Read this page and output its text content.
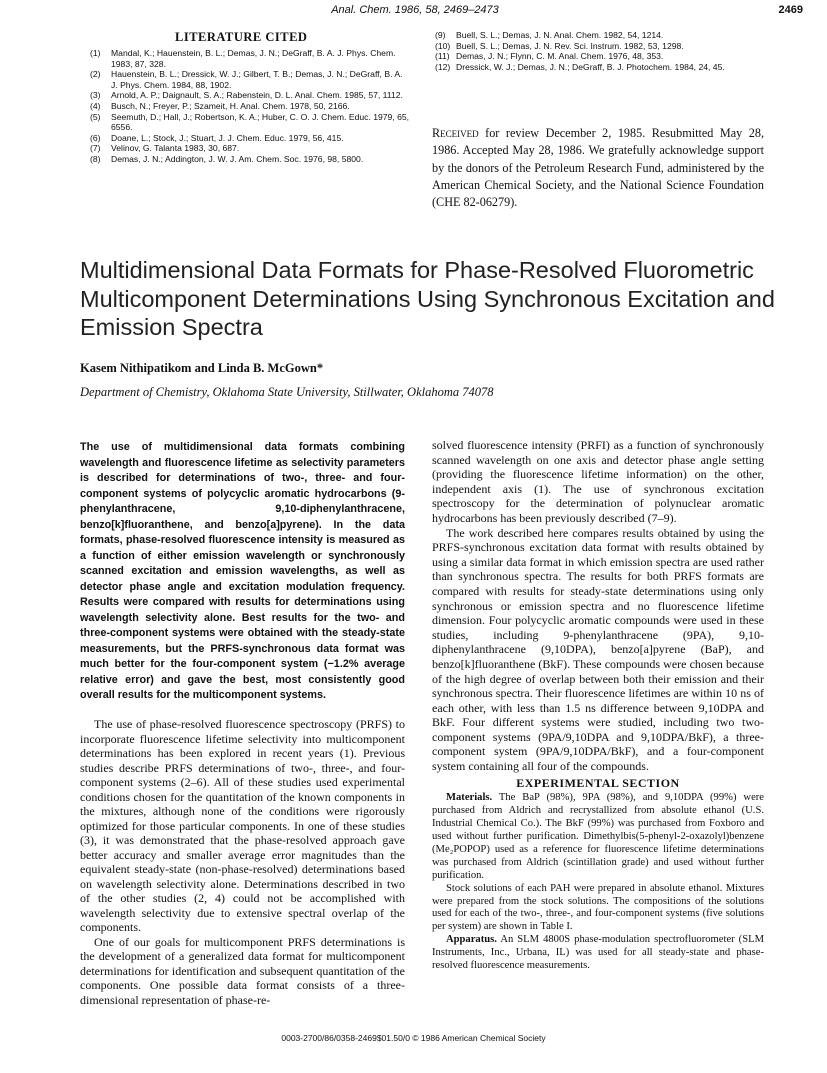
Anal. Chem. 1986, 58, 2469–2473	2469
LITERATURE CITED
(1)	Mandal, K.; Hauenstein, B. L.; Demas, J. N.; DeGraff, B. A. J. Phys. Chem. 1983, 87, 328.
(2)	Hauenstein, B. L.; Dressick, W. J.; Gilbert, T. B.; Demas, J. N.; DeGraff, B. A. J. Phys. Chem. 1984, 88, 1902.
(3)	Arnold, A. P.; Daignault, S. A.; Rabenstein, D. L. Anal. Chem. 1985, 57, 1112.
(4)	Busch, N.; Freyer, P.; Szameit, H. Anal. Chem. 1978, 50, 2166.
(5)	Seemuth, D.; Hall, J.; Robertson, K. A.; Huber, C. O. J. Chem. Educ. 1979, 65, 6556.
(6)	Doane, L.; Stock, J.; Stuart, J. J. Chem. Educ. 1979, 56, 415.
(7)	Velinov, G. Talanta 1983, 30, 687.
(8)	Demas, J. N.; Addington, J. W. J. Am. Chem. Soc. 1976, 98, 5800.
(9)	Buell, S. L.; Demas, J. N. Anal. Chem. 1982, 54, 1214.
(10) Buell, S. L.; Demas, J. N. Rev. Sci. Instrum. 1982, 53, 1298.
(11) Demas, J. N.; Flynn, C. M. Anal. Chem. 1976, 48, 353.
(12) Dressick, W. J.; Demas, J. N.; DeGraff, B. J. Photochem. 1984, 24, 45.
Received for review December 2, 1985. Resubmitted May 28, 1986. Accepted May 28, 1986. We gratefully acknowledge support by the donors of the Petroleum Research Fund, administered by the American Chemical Society, and the National Science Foundation (CHE 82-06279).
Multidimensional Data Formats for Phase-Resolved Fluorometric Multicomponent Determinations Using Synchronous Excitation and Emission Spectra
Kasem Nithipatikom and Linda B. McGown*
Department of Chemistry, Oklahoma State University, Stillwater, Oklahoma 74078
The use of multidimensional data formats combining wavelength and fluorescence lifetime as selectivity parameters is described for determinations of two-, three- and four-component systems of polycyclic aromatic hydrocarbons (9-phenylanthracene, 9,10-diphenylanthracene, benzo[k]fluoranthene, and benzo[a]pyrene). In the data formats, phase-resolved fluorescence intensity is measured as a function of either emission wavelength or synchronously scanned excitation and emission wavelengths, as well as detector phase angle and excitation modulation frequency. Results were compared with results for determinations using wavelength selectivity alone. Best results for the two- and three-component systems were obtained with the steady-state measurements, but the PRFS-synchronous data format was much better for the four-component system (−1.2% average relative error) and gave the best, most consistently good overall results for the multicomponent systems.

The use of phase-resolved fluorescence spectroscopy (PRFS) to incorporate fluorescence lifetime selectivity into multicomponent determinations has been explored in recent years (1). Previous studies describe PRFS determinations of two-, three-, and four-component systems (2–6). All of these studies used experimental conditions chosen for the quantitation of the known components in the mixtures, although none of the conditions were rigorously optimized for those particular components. In one of these studies (3), it was demonstrated that the phase-resolved approach gave better accuracy and smaller average error magnitudes than the equivalent steady-state (non-phase-resolved) determinations based on wavelength selectivity alone. Determinations described in two of the other studies (2, 4) could not be accomplished with wavelength selectivity due to extensive spectral overlap of the components.

One of our goals for multicomponent PRFS determinations is the development of a generalized data format for multicomponent determinations for identification and subsequent quantitation of the components. One possible data format consists of a three-dimensional representation of phase-re-

solved fluorescence intensity (PRFI) as a function of synchronously scanned wavelength on one axis and detector phase angle setting (providing the fluorescence lifetime information) on the other, independent axis (1). The use of synchronous excitation spectroscopy for the determination of polynuclear aromatic hydrocarbons has been previously described (7–9).

The work described here compares results obtained by using the PRFS-synchronous excitation data format with results obtained by using a similar data format in which emission spectra are used rather than synchronous spectra. The results for both PRFS formats are compared with results for steady-state determinations using only synchronous or emission spectra and no fluorescence lifetime dimension. Four polycyclic aromatic compounds were used in these studies, including 9-phenylanthracene (9PA), 9,10-diphenylanthracene (9,10DPA), benzo[a]pyrene (BaP), and benzo[k]fluoranthene (BkF). These compounds were chosen because of the high degree of overlap between both their emission and their synchronous spectra. Their fluorescence lifetimes are within 10 ns of each other, with less than 1.5 ns difference between 9,10DPA and BkF. Four different systems were studied, including two two-component systems (9PA/9,10DPA and 9,10DPA/BkF), a three-component system (9PA/9,10DPA/BkF), and a four-component system containing all four of the compounds.

EXPERIMENTAL SECTION

Materials. The BaP (98%), 9PA (98%), and 9,10DPA (99%) were purchased from Aldrich and recrystallized from absolute ethanol (U.S. Industrial Chemical Co.). The BkF (99%) was purchased from Foxboro and used without further purification. Dimethylbis(5-phenyl-2-oxazolyl)benzene (Me₂POPOP) used as a reference for fluorescence lifetime determinations was purchased from Aldrich (scintillation grade) and used without further purification.

Stock solutions of each PAH were prepared in absolute ethanol. Mixtures were prepared from the stock solutions. The compositions of the solutions used for each of the two-, three-, and four-component systems (five solutions per system) are shown in Table I.

Apparatus. An SLM 4800S phase-modulation spectrofluorometer (SLM Instruments, Inc., Urbana, IL) was used for all steady-state and phase-resolved fluorescence measurements.

0003-2700/86/0358-2469$01.50/0 © 1986 American Chemical Society
